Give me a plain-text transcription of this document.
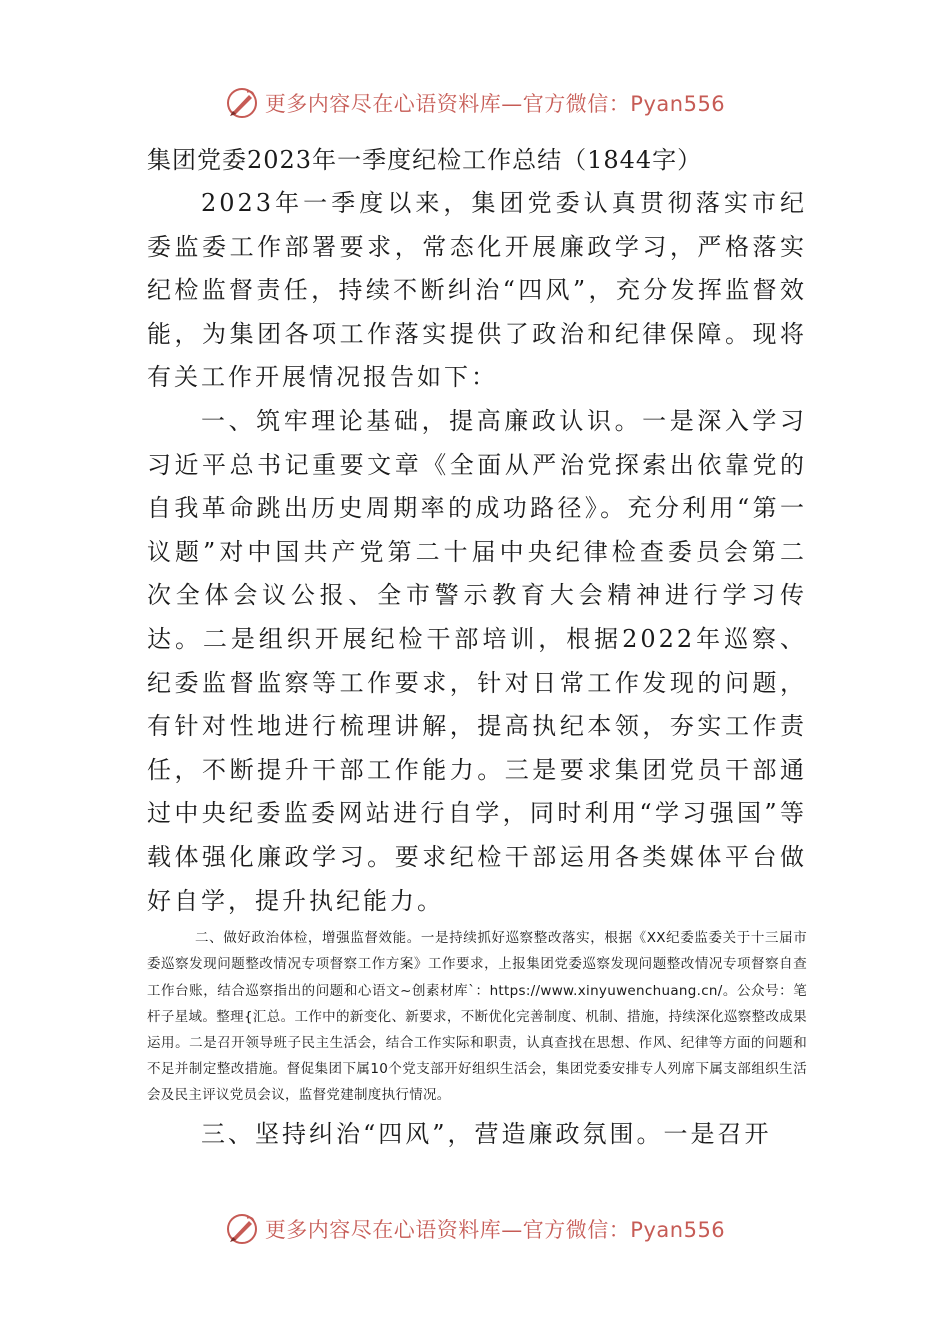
更多内容尽在心语资料库—官方微信：Pyan556
集团党委2023年一季度纪检工作总结（1844字）

2023年一季度以来，集团党委认真贯彻落实市纪委监委工作部署要求，常态化开展廉政学习，严格落实纪检监督责任，持续不断纠治“四风”，充分发挥监督效能，为集团各项工作落实提供了政治和纪律保障。现将有关工作开展情况报告如下：

一、筑牢理论基础，提高廉政认识。一是深入学习习近平总书记重要文章《全面从严治党探索出依靠党的自我革命跳出历史周期率的成功路径》。充分利用“第一议题”对中国共产党第二十届中央纪律检查委员会第二次全体会议公报、全市警示教育大会精神进行学习传达。二是组织开展纪检干部培训，根据2022年巡察、纪委监督监察等工作要求，针对日常工作发现的问题，有针对性地进行梳理讲解，提高执纪本领，夯实工作责任，不断提升干部工作能力。三是要求集团党员干部通过中央纪委监委网站进行自学，同时利用“学习强国”等载体强化廉政学习。要求纪检干部运用各类媒体平台做好自学，提升执纪能力。

二、做好政治体检，增强监督效能。一是持续抓好巡察整改落实，根据《XX纪委监委关于十三届市委巡察发现问题整改情况专项督察工作方案》工作要求，上报集团党委巡察发现问题整改情况专项督察自查工作台账，结合巡察指出的问题和心语文~创素材库`：https://www.xinyuwenchuang.cn/。公众号：笔杆子星域。整理{汇总。工作中的新变化、新要求，不断优化完善制度、机制、措施，持续深化巡察整改成果运用。二是召开领导班子民主生活会，结合工作实际和职责，认真查找在思想、作风、纪律等方面的问题和不足并制定整改措施。督促集团下属10个党支部开好组织生活会，集团党委安排专人列席下属支部组织生活会及民主评议党员会议，监督党建制度执行情况。

三、坚持纠治“四风”，营造廉政氛围。一是召开

更多内容尽在心语资料库—官方微信：Pyan556
